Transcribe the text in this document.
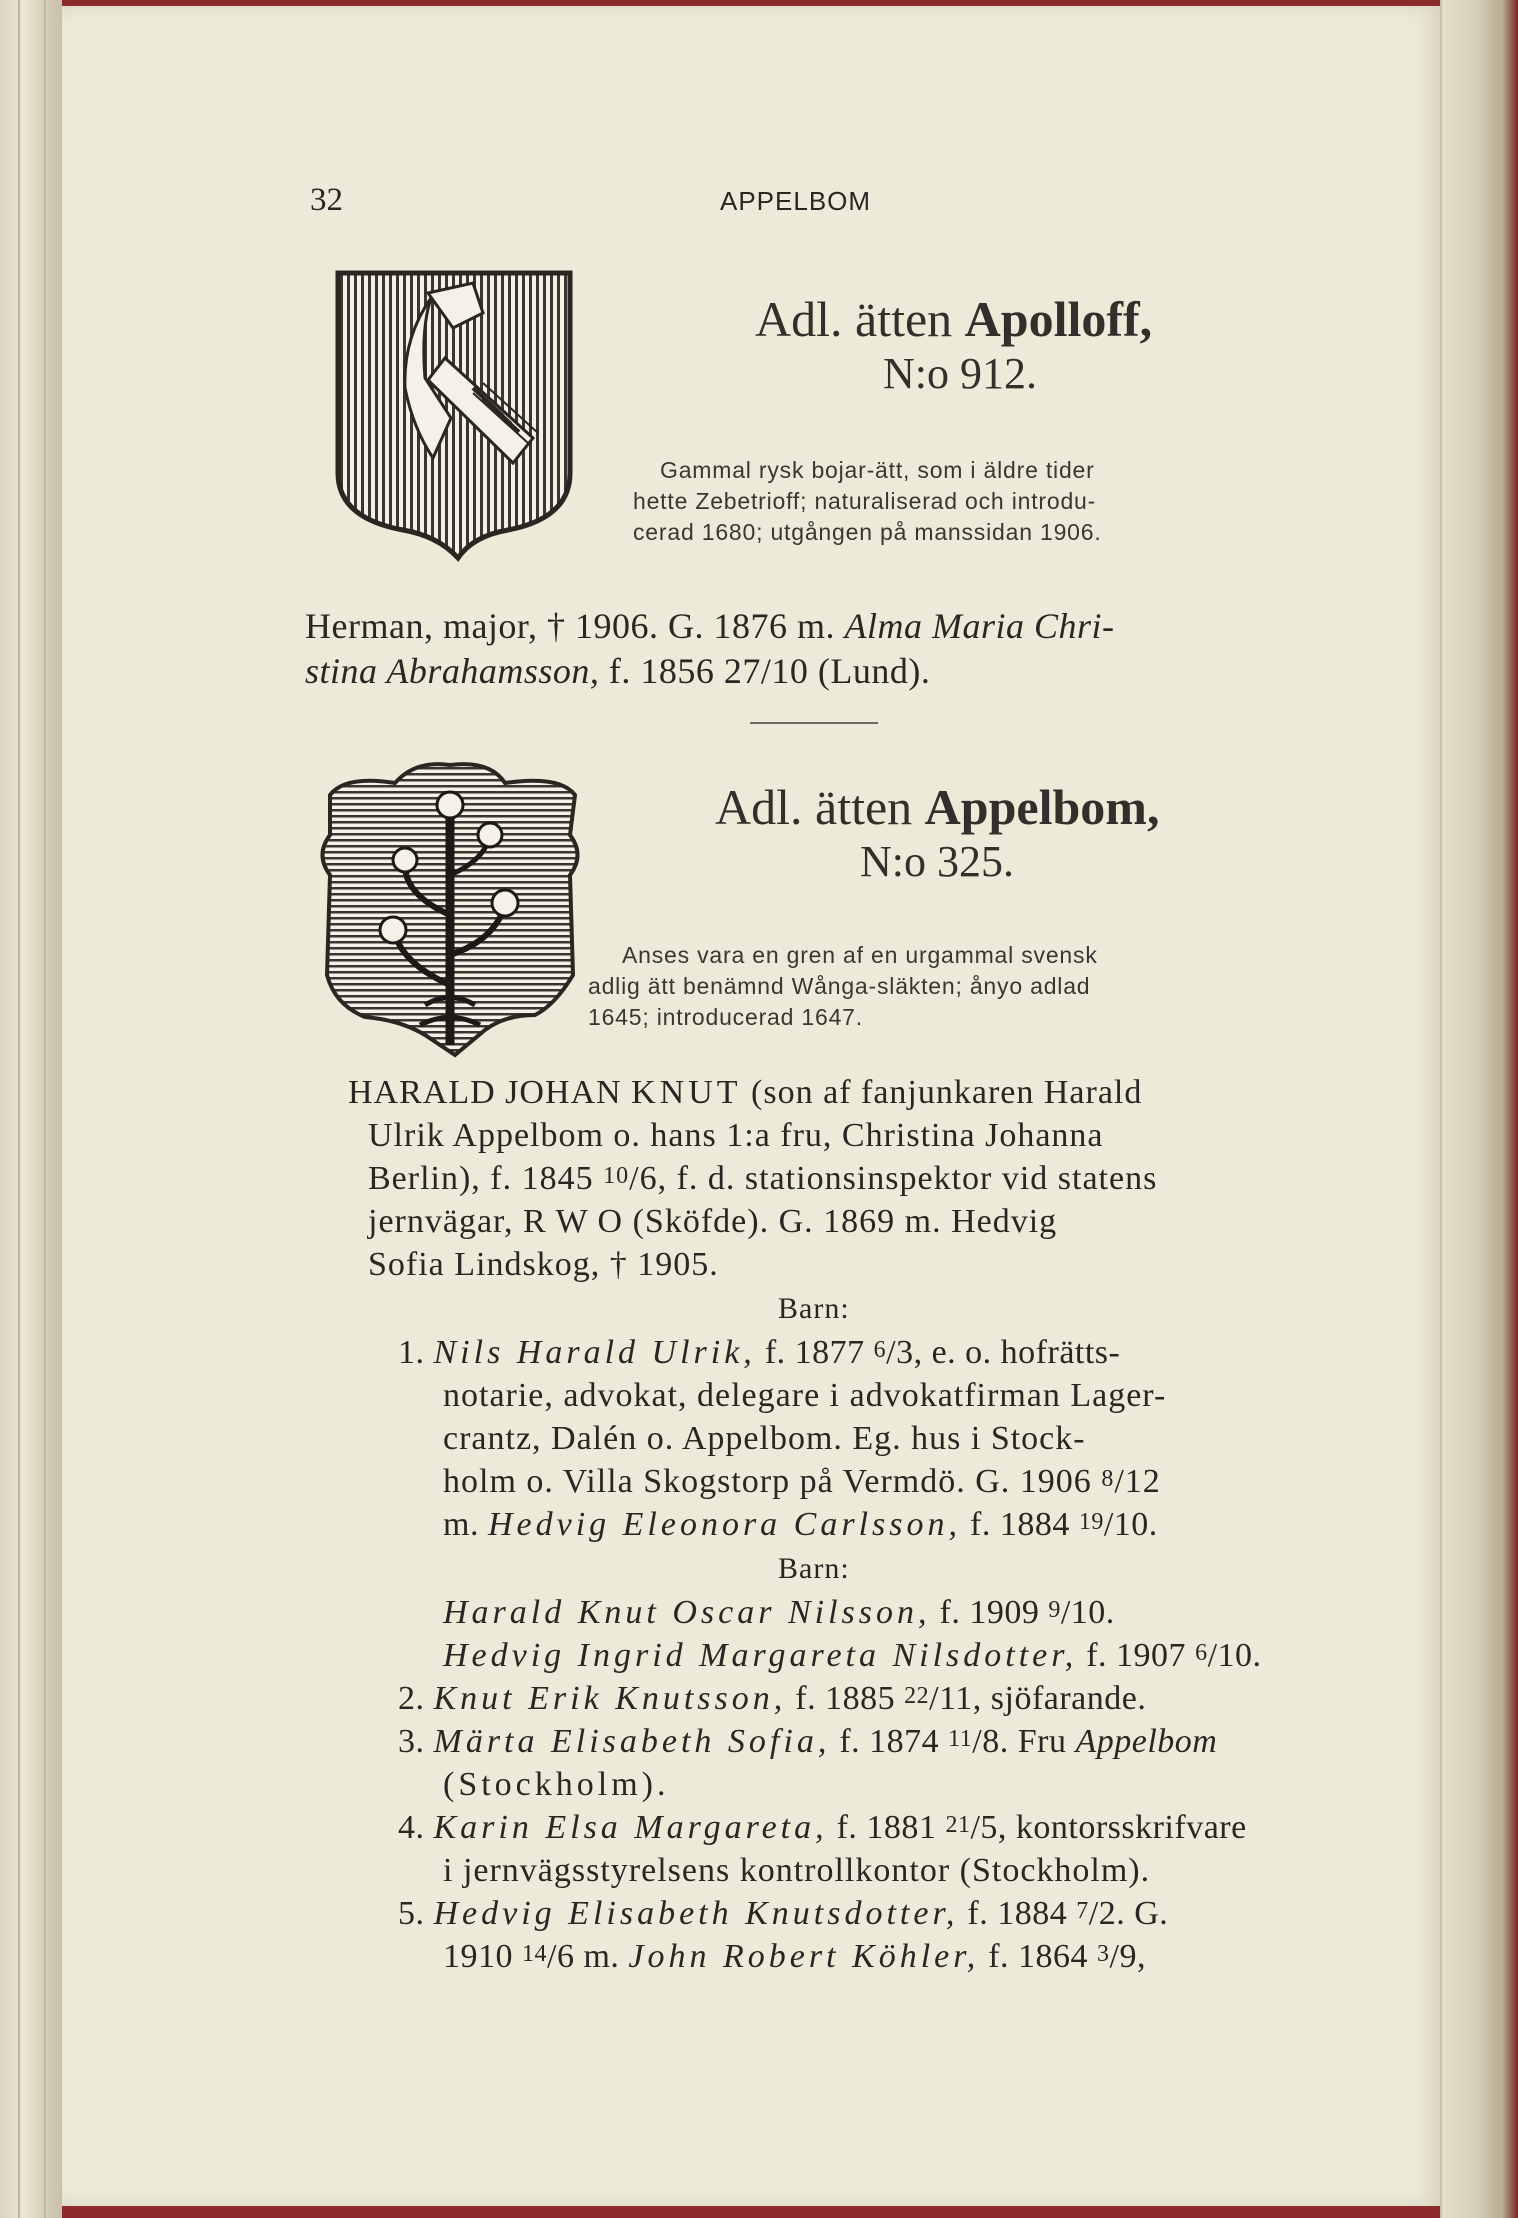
32	APPELBOM
Adl. ätten Apolloff,
N:o 912.
Gammal rysk bojar-ätt, som i äldre tider
hette Zebetrioff; naturaliserad och introdu-
cerad 1680; utgången på manssidan 1906.
Herman, major, † 1906. G. 1876 m. Alma Maria Chri-
stina Abrahamsson, f. 1856 27/10 (Lund).
Adl. ätten Appelbom,
N:o 325.
Anses vara en gren af en urgammal svensk
adlig ätt benämnd Wånga-släkten; ånyo adlad
1645; introducerad 1647.
HARALD JOHAN KNUT (son af fanjunkaren Harald
Ulrik Appelbom o. hans 1:a fru, Christina Johanna
Berlin), f. 1845 10/6, f. d. stationsinspektor vid statens
jernvägar, R W O (Sköfde). G. 1869 m. Hedvig
Sofia Lindskog, † 1905.
Barn:
1. Nils Harald Ulrik, f. 1877 6/3, e. o. hofrätts-
notarie, advokat, delegare i advokatfirman Lager-
crantz, Dalén o. Appelbom. Eg. hus i Stock-
holm o. Villa Skogstorp på Vermdö. G. 1906 8/12
m. Hedvig Eleonora Carlsson, f. 1884 19/10.
Barn:
Harald Knut Oscar Nilsson, f. 1909 9/10.
Hedvig Ingrid Margareta Nilsdotter, f. 1907 6/10.
2. Knut Erik Knutsson, f. 1885 22/11, sjöfarande.
3. Märta Elisabeth Sofia, f. 1874 11/8. Fru Appelbom
(Stockholm).
4. Karin Elsa Margareta, f. 1881 21/5, kontorsskrifvare
i jernvägsstyrelsens kontrollkontor (Stockholm).
5. Hedvig Elisabeth Knutsdotter, f. 1884 7/2. G.
1910 14/6 m. John Robert Köhler, f. 1864 3/9,
